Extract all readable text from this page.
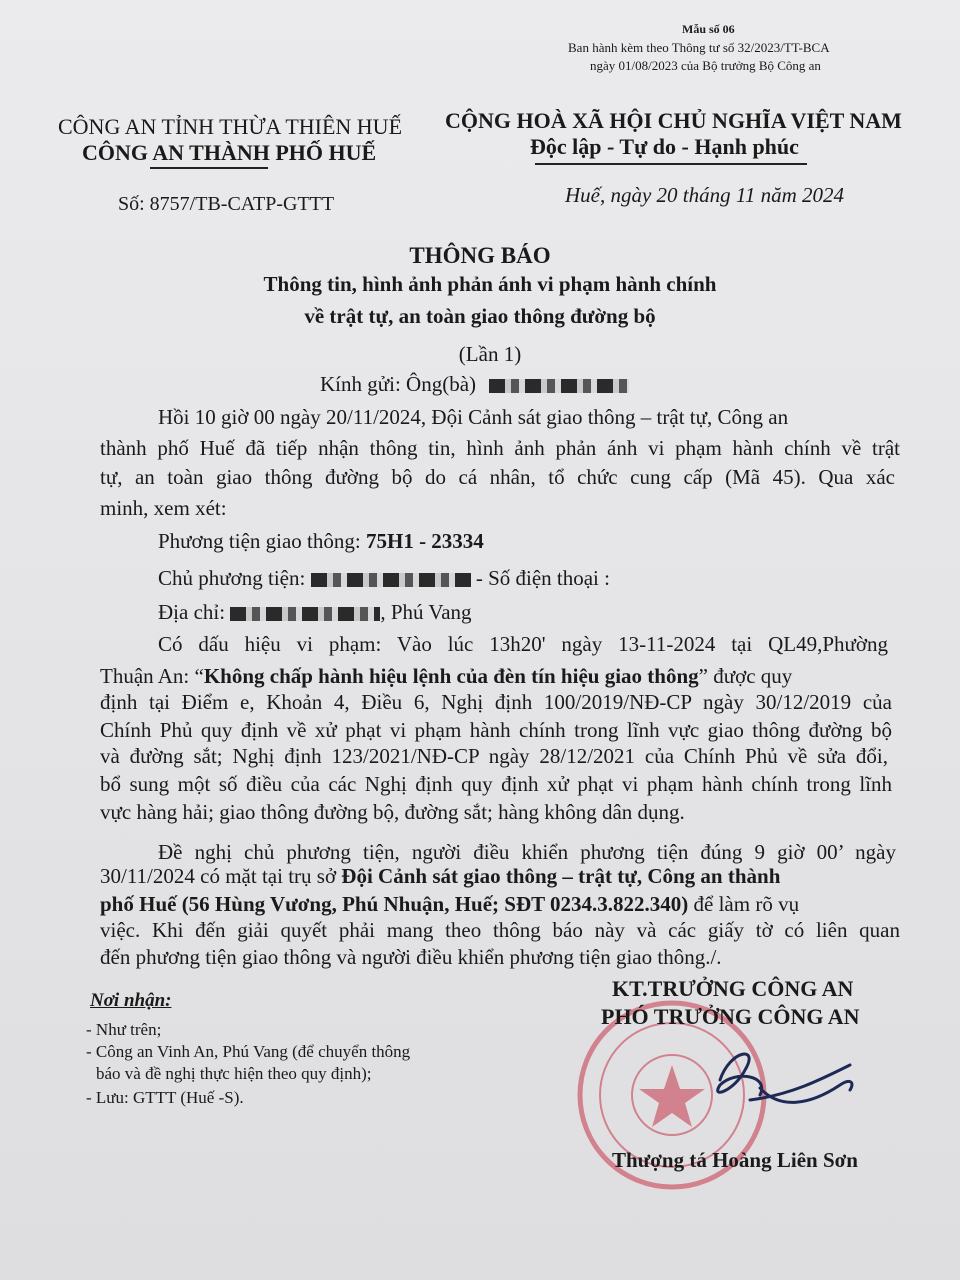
Mẫu số 06
Ban hành kèm theo Thông tư số 32/2023/TT-BCA
ngày 01/08/2023 của Bộ trưởng Bộ Công an
CÔNG AN TỈNH THỪA THIÊN HUẾ
CÔNG AN THÀNH PHỐ HUẾ
CỘNG HOÀ XÃ HỘI CHỦ NGHĨA VIỆT NAM
Độc lập - Tự do - Hạnh phúc
Số: 8757/TB-CATP-GTTT	Huế, ngày 20 tháng 11 năm 2024
THÔNG BÁO
Thông tin, hình ảnh phản ánh vi phạm hành chính
về trật tự, an toàn giao thông đường bộ
(Lần 1)
Kính gửi: Ông(bà)
Hồi 10 giờ 00 ngày 20/11/2024, Đội Cảnh sát giao thông – trật tự, Công an
thành phố Huế đã tiếp nhận thông tin, hình ảnh phản ánh vi phạm hành chính về trật
tự, an toàn giao thông đường bộ do cá nhân, tổ chức cung cấp (Mã 45). Qua xác
minh, xem xét:
Phương tiện giao thông: 75H1 - 23334
Chủ phương tiện:	- Số điện thoại :
Địa chỉ:	, Phú Vang
Có dấu hiệu vi phạm: Vào lúc 13h20' ngày 13-11-2024 tại QL49,Phường
Thuận An: “Không chấp hành hiệu lệnh của đèn tín hiệu giao thông” được quy
định tại Điểm e, Khoản 4, Điều 6, Nghị định 100/2019/NĐ-CP ngày 30/12/2019 của
Chính Phủ quy định về xử phạt vi phạm hành chính trong lĩnh vực giao thông đường bộ
và đường sắt; Nghị định 123/2021/NĐ-CP ngày 28/12/2021 của Chính Phủ về sửa đổi,
bổ sung một số điều của các Nghị định quy định xử phạt vi phạm hành chính trong lĩnh
vực hàng hải; giao thông đường bộ, đường sắt; hàng không dân dụng.
Đề nghị chủ phương tiện, người điều khiển phương tiện đúng 9 giờ 00’ ngày
30/11/2024 có mặt tại trụ sở Đội Cảnh sát giao thông – trật tự, Công an thành
phố Huế (56 Hùng Vương, Phú Nhuận, Huế; SĐT 0234.3.822.340) để làm rõ vụ
việc. Khi đến giải quyết phải mang theo thông báo này và các giấy tờ có liên quan
đến phương tiện giao thông và người điều khiển phương tiện giao thông./.
Nơi nhận:
- Như trên;
- Công an Vinh An, Phú Vang (để chuyển thông
báo và đề nghị thực hiện theo quy định);
- Lưu: GTTT (Huế -S).
KT.TRƯỞNG CÔNG AN
PHÓ TRƯỞNG CÔNG AN
Thượng tá Hoàng Liên Sơn
